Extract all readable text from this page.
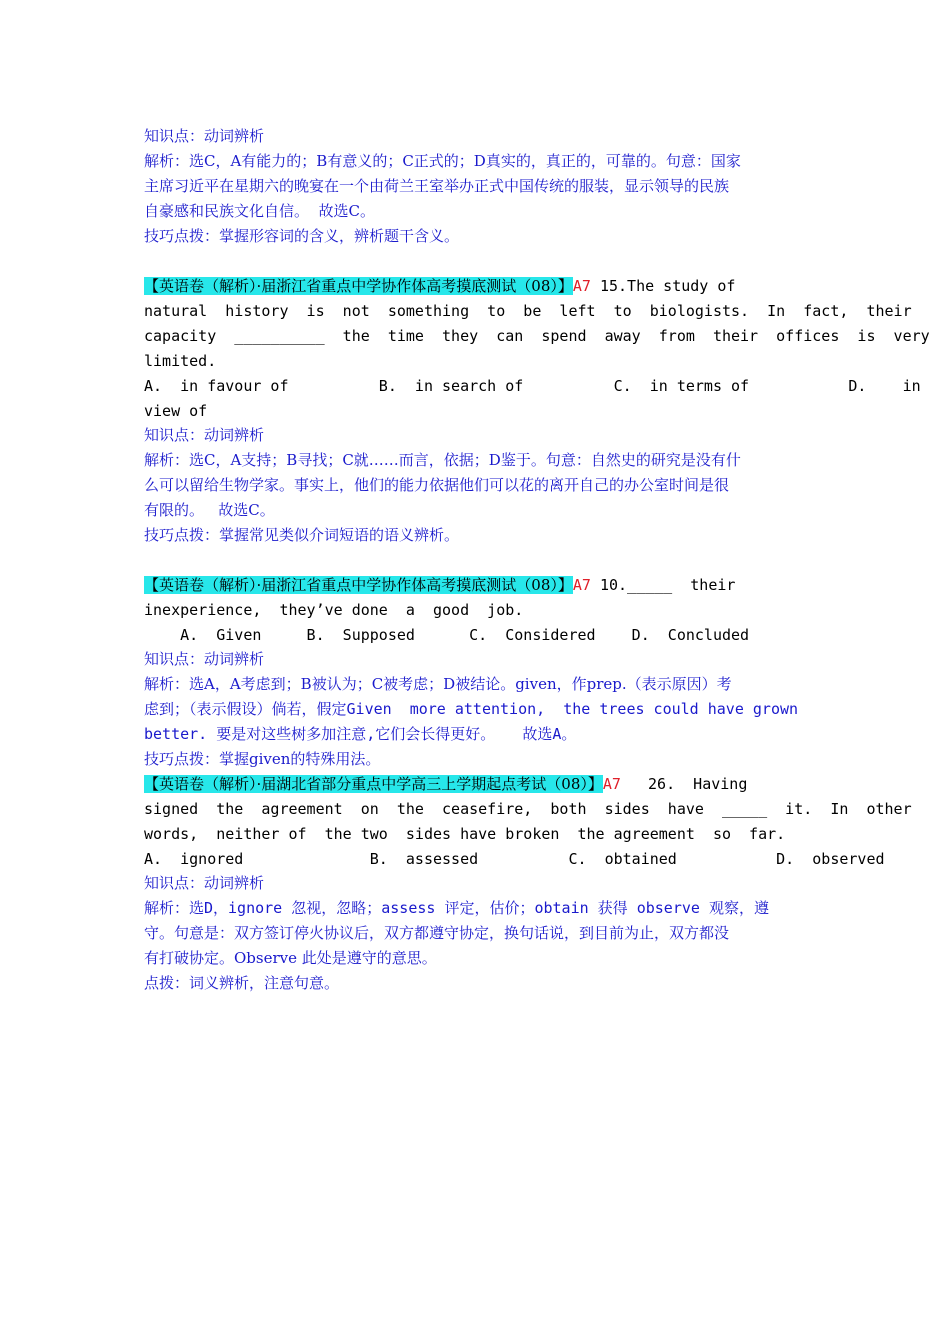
知识点：动词辨析
解析：选C，A有能力的；B有意义的；C正式的；D真实的，真正的，可靠的。句意：国家
主席习近平在星期六的晚宴在一个由荷兰王室举办正式中国传统的服装，显示领导的民族
自豪感和民族文化自信。  故选C。
技巧点拨：掌握形容词的含义，辨析题干含义。
【英语卷（解析）·届浙江省重点中学协作体高考摸底测试（08）】A7 15.The study of
natural  history  is  not  something  to  be  left  to  biologists.  In  fact,  their
capacity  __________  the  time  they  can  spend  away  from  their  offices  is  very
limited.
A.  in favour of          B.  in search of          C.  in terms of           D.    in
view of
知识点：动词辨析
解析：选C，A支持；B寻找；C就……而言，依据；D鉴于。句意：自然史的研究是没有什
么可以留给生物学家。事实上，他们的能力依据他们可以花的离开自己的办公室时间是很
有限的。   故选C。
技巧点拨：掌握常见类似介词短语的语义辨析。
【英语卷（解析）·届浙江省重点中学协作体高考摸底测试（08）】A7 10._____  their
inexperience,  they’ve done  a  good  job.
A.  Given     B.  Supposed      C.  Considered    D.  Concluded
知识点：动词辨析
解析：选A，A考虑到；B被认为；C被考虑；D被结论。given，作prep.（表示原因）考
虑到；（表示假设）倘若，假定Given  more attention,  the trees could have grown
better. 要是对这些树多加注意,它们会长得更好。   故选A。
技巧点拨：掌握given的特殊用法。
【英语卷（解析）·届湖北省部分重点中学高三上学期起点考试（08）】A7   26.  Having
signed  the  agreement  on  the  ceasefire,  both  sides  have  _____  it.  In  other
words,  neither of  the two  sides have broken  the agreement  so  far.
A.  ignored              B.  assessed          C.  obtained           D.  observed
知识点：动词辨析
解析：选D，ignore 忽视，忽略；assess 评定，估价；obtain 获得 observe 观察，遵
守。句意是：双方签订停火协议后，双方都遵守协定，换句话说，到目前为止，双方都没
有打破协定。Observe 此处是遵守的意思。
点拨：词义辨析，注意句意。
